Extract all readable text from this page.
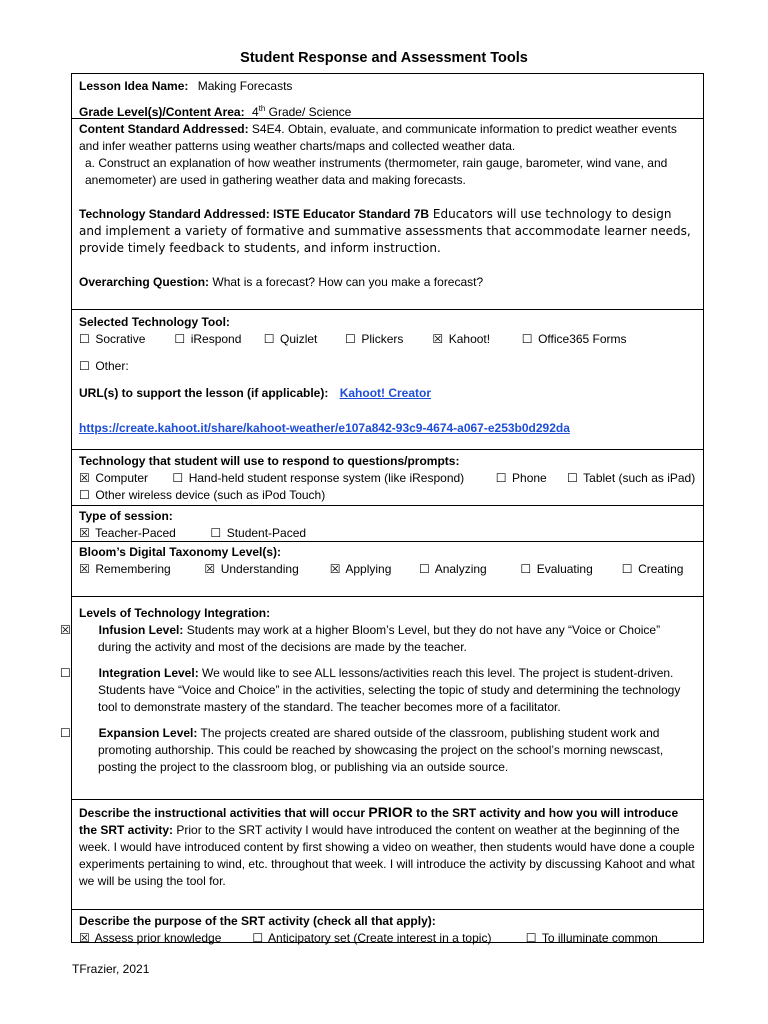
Student Response and Assessment Tools
Lesson Idea Name: Making Forecasts
Grade Level(s)/Content Area: 4th Grade/ Science

Content Standard Addressed: S4E4. Obtain, evaluate, and communicate information to predict weather events and infer weather patterns using weather charts/maps and collected weather data.

a. Construct an explanation of how weather instruments (thermometer, rain gauge, barometer, wind vane, and anemometer) are used in gathering weather data and making forecasts.

Technology Standard Addressed: ISTE Educator Standard 7B Educators will use technology to design and implement a variety of formative and summative assessments that accommodate learner needs, provide timely feedback to students, and inform instruction.

Overarching Question: What is a forecast? How can you make a forecast?

Selected Technology Tool:
☐ Socrative ☐ iRespond ☐ Quizlet ☐ Plickers ☒ Kahoot!	☐ Office365 Forms
☐ Other:
URL(s) to support the lesson (if applicable): Kahoot! Creator
https://create.kahoot.it/share/kahoot-weather/e107a842-93c9-4674-a067-e253b0d292da
Technology that student will use to respond to questions/prompts:
☒ Computer ☐ Hand-held student response system (like iRespond)	☐ Phone ☐ Tablet (such as iPad)
☐ Other wireless device (such as iPod Touch)
Type of session:
☒ Teacher-Paced	☐ Student-Paced
Bloom’s Digital Taxonomy Level(s):
☒ Remembering	☒ Understanding	☒ Applying ☐ Analyzing	☐ Evaluating ☐ Creating
Levels of Technology Integration:
☒ Infusion Level: Students may work at a higher Bloom’s Level, but they do not have any “Voice or Choice” during the activity and most of the decisions are made by the teacher.
☐ Integration Level: We would like to see ALL lessons/activities reach this level. The project is student-driven. Students have “Voice and Choice” in the activities, selecting the topic of study and determining the technology tool to demonstrate mastery of the standard. The teacher becomes more of a facilitator.
☐ Expansion Level: The projects created are shared outside of the classroom, publishing student work and promoting authorship. This could be reached by showcasing the project on the school’s morning newscast, posting the project to the classroom blog, or publishing via an outside source.

Describe the instructional activities that will occur PRIOR to the SRT activity and how you will introduce the SRT activity: Prior to the SRT activity I would have introduced the content on weather at the beginning of the week. I would have introduced content by first showing a video on weather, then students would have done a couple experiments pertaining to wind, etc. throughout that week. I will introduce the activity by discussing Kahoot and what we will be using the tool for.

Describe the purpose of the SRT activity (check all that apply):
☒ Assess prior knowledge	☐ Anticipatory set (Create interest in a topic)	☐ To illuminate common
TFrazier, 2021
